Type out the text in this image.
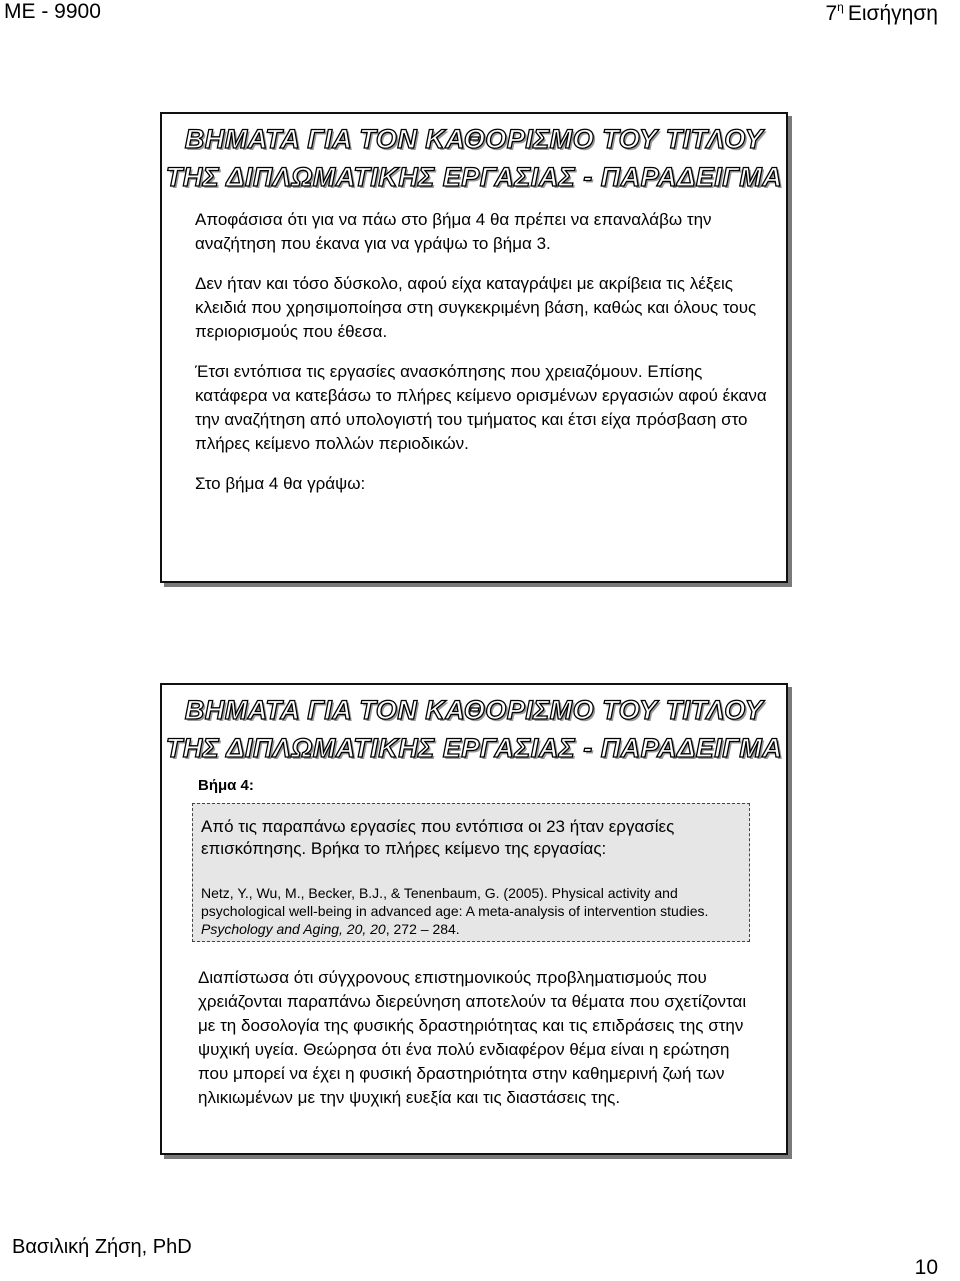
ΜΕ - 9900	$7^\eta$ Εισήγηση
ΒΗΜΑΤΑ ΓΙΑ ΤΟΝ ΚΑΘΟΡΙΣΜΟ ΤΟΥ ΤΙΤΛΟΥ
ΤΗΣ ΔΙΠΛΩΜΑΤΙΚΗΣ ΕΡΓΑΣΙΑΣ - ΠΑΡΑΔΕΙΓΜΑ

Αποφάσισα ότι για να πάω στο βήμα 4 θα πρέπει να επαναλάβω την αναζήτηση που έκανα για να γράψω το βήμα 3.

Δεν ήταν και τόσο δύσκολο, αφού είχα καταγράψει με ακρίβεια τις λέξεις κλειδιά που χρησιμοποίησα στη συγκεκριμένη βάση, καθώς και όλους τους περιορισμούς που έθεσα.

Έτσι εντόπισα τις εργασίες ανασκόπησης που χρειαζόμουν. Επίσης κατάφερα να κατεβάσω το πλήρες κείμενο ορισμένων εργασιών αφού έκανα την αναζήτηση από υπολογιστή του τμήματος και έτσι είχα πρόσβαση στο πλήρες κείμενο πολλών περιοδικών.

Στο βήμα 4 θα γράψω:

ΒΗΜΑΤΑ ΓΙΑ ΤΟΝ ΚΑΘΟΡΙΣΜΟ ΤΟΥ ΤΙΤΛΟΥ
ΤΗΣ ΔΙΠΛΩΜΑΤΙΚΗΣ ΕΡΓΑΣΙΑΣ - ΠΑΡΑΔΕΙΓΜΑ
Βήμα 4:
Από τις παραπάνω εργασίες που εντόπισα οι 23 ήταν εργασίες επισκόπησης. Βρήκα το πλήρες κείμενο της εργασίας:
Netz, Y., Wu, M., Becker, B.J., & Tenenbaum, G. (2005). Physical activity and psychological well-being in advanced age: A meta-analysis of intervention studies. Psychology and Aging, 20, 20, 272 – 284.

Διαπίστωσα ότι σύγχρονους επιστημονικούς προβληματισμούς που χρειάζονται παραπάνω διερεύνηση αποτελούν τα θέματα που σχετίζονται με τη δοσολογία της φυσικής δραστηριότητας και τις επιδράσεις της στην ψυχική υγεία. Θεώρησα ότι ένα πολύ ενδιαφέρον θέμα είναι η ερώτηση που μπορεί να έχει η φυσική δραστηριότητα στην καθημερινή ζωή των ηλικιωμένων με την ψυχική ευεξία και τις διαστάσεις της.

Βασιλική Ζήση, PhD
10
